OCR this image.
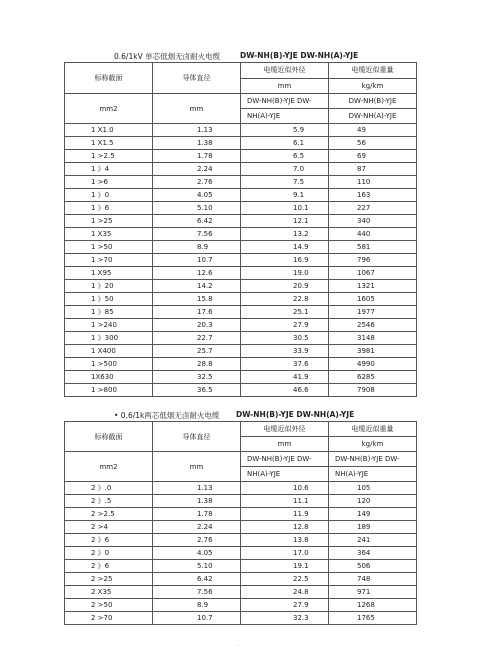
0.6/1kV 单芯低烟无卤耐火电缆	DW-NH(B)-YJE DW-NH(A)-YJE
标称截面	导体直径	电缆近似外径	电缆近似重量
		mm	kg/km
mm2	mm	DW-NH(B)-YJE DW-	DW-NH(B)-YJE
		NH(A)-YJE	DW-NH(A)-YJE
1 X1.0	1.13	5.9	49
1 X1.5	1.38	6.1	56
1 >2.5	1.78	6.5	69
1 》4	2.24	7.0	87
1 >6	2.76	7.5	110
1 》0	4.05	9.1	163
1 》6	5.10	10.1	227
1 >25	6.42	12.1	340
1 X35	7.56	13.2	440
1 >50	8.9	14.9	581
1 >70	10.7	16.9	796
1 X95	12.6	19.0	1067
1 》20	14.2	20.9	1321
1 》50	15.8	22.8	1605
1 》85	17.6	25.1	1977
1 >240	20.3	27.9	2546
1 》300	22.7	30.5	3148
1 X400	25.7	33.9	3981
1 >500	28.8	37.6	4990
1X630	32.5	41.9	6285
1 >800	36.5	46.6	7908
• 0.6/1k两芯低烟无卤耐火电缆 DW-NH(B)-YJE DW-NH(A)-YJE
标称截面	导体直径	电缆近似外径	电缆近似重量
		mm	kg/km
mm2	mm	DW-NH(B)-YJE DW-	DW-NH(B)-YJE DW-
		NH(A)-YJE	NH(A)-YJE
2 》.0	1.13	10.6	105
2 》.5	1.38	11.1	120
2 >2.5	1.78	11.9	149
2 >4	2.24	12.8	189
2 》6	2.76	13.8	241
2 》0	4.05	17.0	364
2 》6	5.10	19.1	506
2 >25	6.42	22.5	748
2 X35	7.56	24.8	971
2 >50	8.9	27.9	1268
2 >70	10.7	32.3	1765
.
